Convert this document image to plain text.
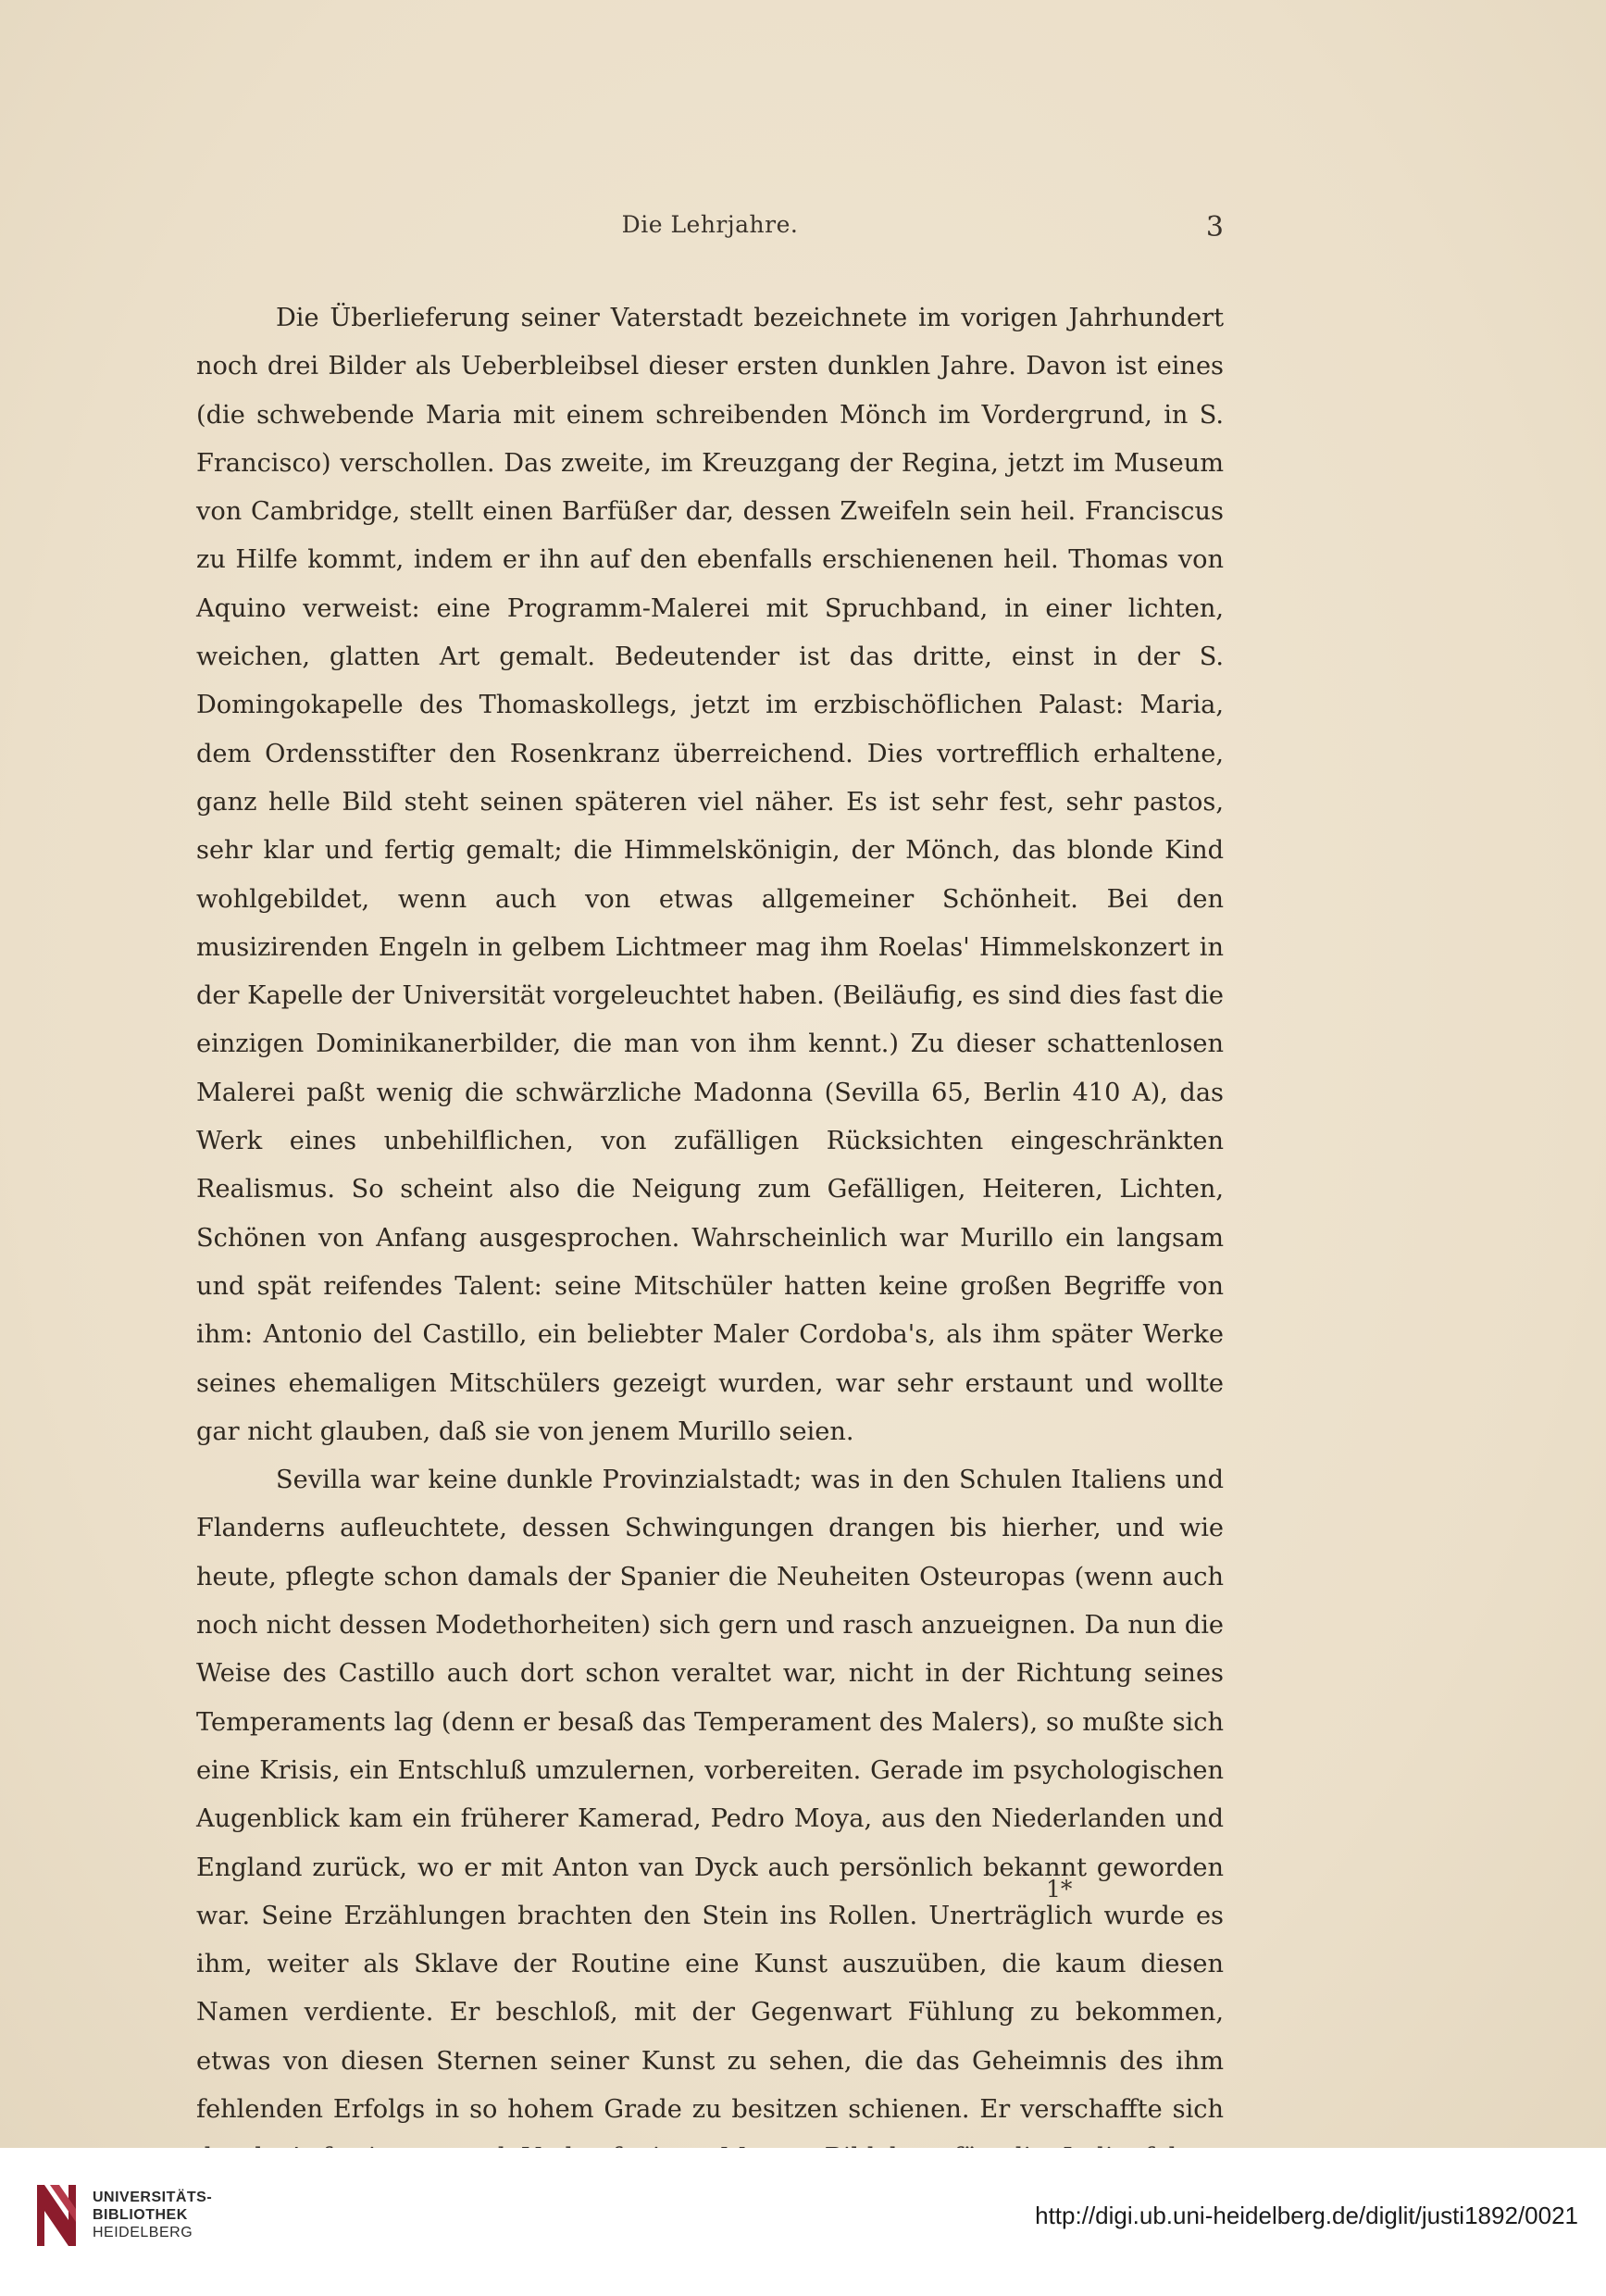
Die Lehrjahre.	3

Die Überlieferung seiner Vaterstadt bezeichnete im vorigen Jahrhundert noch drei Bilder als Ueberbleibsel dieser ersten dunklen Jahre. Davon ist eines (die schwebende Maria mit einem schreibenden Mönch im Vordergrund, in S. Francisco) verschollen. Das zweite, im Kreuzgang der Regina, jetzt im Museum von Cambridge, stellt einen Barfüßer dar, dessen Zweifeln sein heil. Franciscus zu Hilfe kommt, indem er ihn auf den ebenfalls erschienenen heil. Thomas von Aquino verweist: eine Programm-Malerei mit Spruchband, in einer lichten, weichen, glatten Art gemalt. Bedeutender ist das dritte, einst in der S. Domingokapelle des Thomaskollegs, jetzt im erzbischöflichen Palast: Maria, dem Ordensstifter den Rosenkranz überreichend. Dies vortrefflich erhaltene, ganz helle Bild steht seinen späteren viel näher. Es ist sehr fest, sehr pastos, sehr klar und fertig gemalt; die Himmelskönigin, der Mönch, das blonde Kind wohlgebildet, wenn auch von etwas allgemeiner Schönheit. Bei den musizirenden Engeln in gelbem Lichtmeer mag ihm Roelas' Himmelskonzert in der Kapelle der Universität vorgeleuchtet haben. (Beiläufig, es sind dies fast die einzigen Dominikanerbilder, die man von ihm kennt.) Zu dieser schattenlosen Malerei paßt wenig die schwärzliche Madonna (Sevilla 65, Berlin 410 A), das Werk eines unbehilflichen, von zufälligen Rücksichten eingeschränkten Realismus. So scheint also die Neigung zum Gefälligen, Heiteren, Lichten, Schönen von Anfang ausgesprochen. Wahrscheinlich war Murillo ein langsam und spät reifendes Talent: seine Mitschüler hatten keine großen Begriffe von ihm: Antonio del Castillo, ein beliebter Maler Cordoba's, als ihm später Werke seines ehemaligen Mitschülers gezeigt wurden, war sehr erstaunt und wollte gar nicht glauben, daß sie von jenem Murillo seien.

Sevilla war keine dunkle Provinzialstadt; was in den Schulen Italiens und Flanderns aufleuchtete, dessen Schwingungen drangen bis hierher, und wie heute, pflegte schon damals der Spanier die Neuheiten Osteuropas (wenn auch noch nicht dessen Modethorheiten) sich gern und rasch anzueignen. Da nun die Weise des Castillo auch dort schon veraltet war, nicht in der Richtung seines Temperaments lag (denn er besaß das Temperament des Malers), so mußte sich eine Krisis, ein Entschluß umzulernen, vorbereiten. Gerade im psychologischen Augenblick kam ein früherer Kamerad, Pedro Moya, aus den Niederlanden und England zurück, wo er mit Anton van Dyck auch persönlich bekannt geworden war. Seine Erzählungen brachten den Stein ins Rollen. Unerträglich wurde es ihm, weiter als Sklave der Routine eine Kunst auszuüben, die kaum diesen Namen verdiente. Er beschloß, mit der Gegenwart Fühlung zu bekommen, etwas von diesen Sternen seiner Kunst zu sehen, die das Geheimnis des ihm fehlenden Erfolgs in so hohem Grade zu besitzen schienen. Er verschaffte sich

1*
UNIVERSITÄTS-
BIBLIOTHEK
HEIDELBERG
http://digi.ub.uni-heidelberg.de/diglit/justi1892/0021
